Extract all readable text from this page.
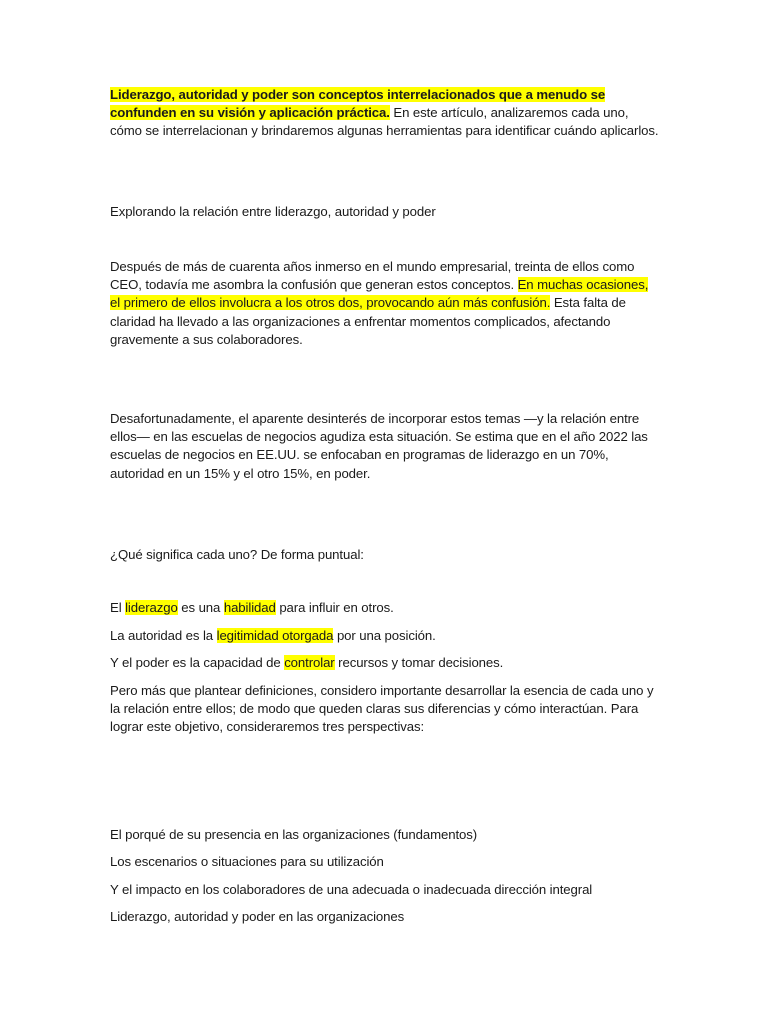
Liderazgo, autoridad y poder son conceptos interrelacionados que a menudo se confunden en su visión y aplicación práctica. En este artículo, analizaremos cada uno, cómo se interrelacionan y brindaremos algunas herramientas para identificar cuándo aplicarlos.

Explorando la relación entre liderazgo, autoridad y poder

Después de más de cuarenta años inmerso en el mundo empresarial, treinta de ellos como CEO, todavía me asombra la confusión que generan estos conceptos. En muchas ocasiones, el primero de ellos involucra a los otros dos, provocando aún más confusión. Esta falta de claridad ha llevado a las organizaciones a enfrentar momentos complicados, afectando gravemente a sus colaboradores.

Desafortunadamente, el aparente desinterés de incorporar estos temas —y la relación entre ellos— en las escuelas de negocios agudiza esta situación. Se estima que en el año 2022 las escuelas de negocios en EE.UU. se enfocaban en programas de liderazgo en un 70%, autoridad en un 15% y el otro 15%, en poder.

¿Qué significa cada uno? De forma puntual:

El liderazgo es una habilidad para influir en otros.

La autoridad es la legitimidad otorgada por una posición.

Y el poder es la capacidad de controlar recursos y tomar decisiones.

Pero más que plantear definiciones, considero importante desarrollar la esencia de cada uno y la relación entre ellos; de modo que queden claras sus diferencias y cómo interactúan. Para lograr este objetivo, consideraremos tres perspectivas:

El porqué de su presencia en las organizaciones (fundamentos)

Los escenarios o situaciones para su utilización

Y el impacto en los colaboradores de una adecuada o inadecuada dirección integral

Liderazgo, autoridad y poder en las organizaciones
